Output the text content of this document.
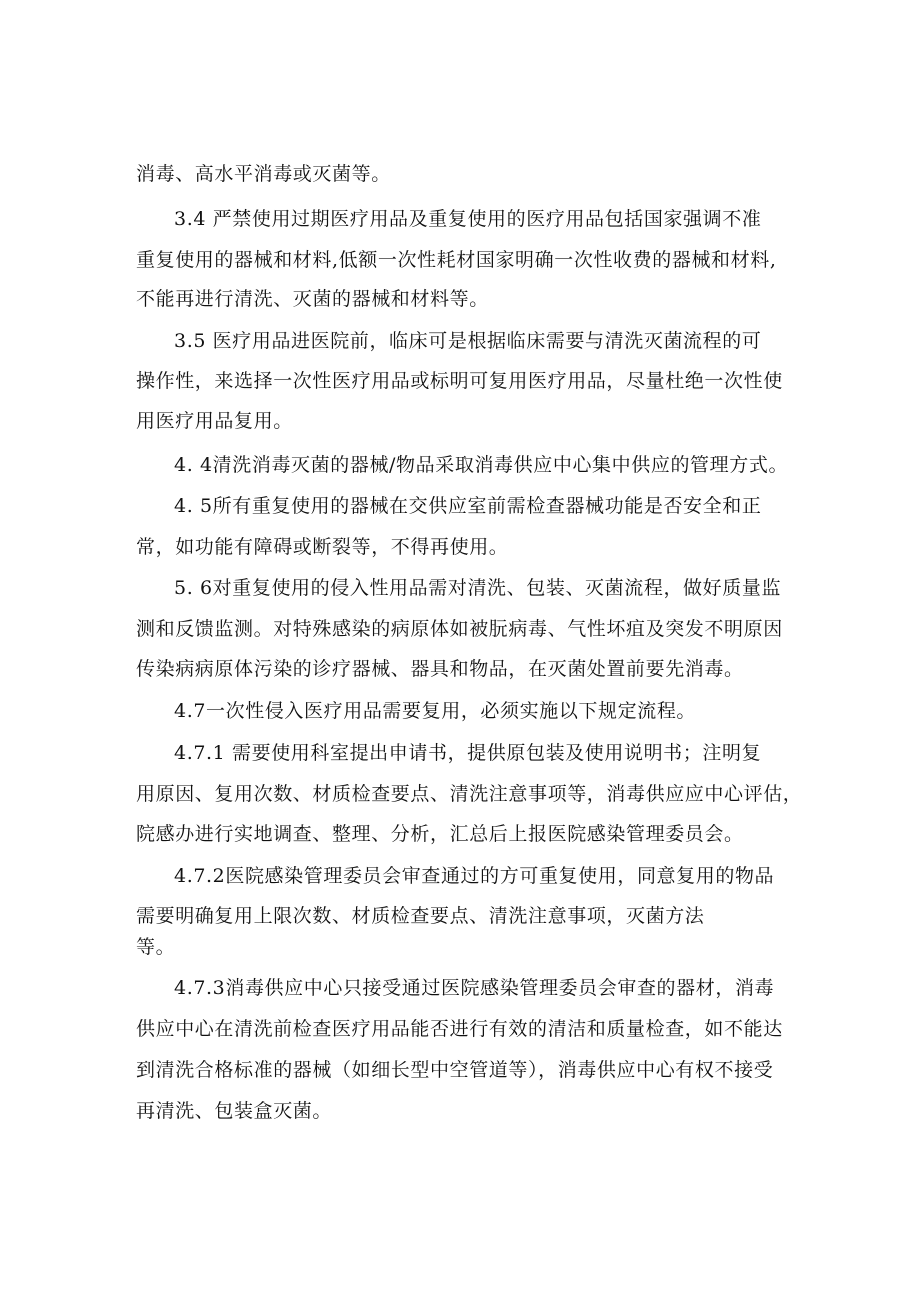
消毒、高水平消毒或灭菌等。
3.4 严禁使用过期医疗用品及重复使用的医疗用品包括国家强调不准
重复使用的器械和材料,低额一次性耗材国家明确一次性收费的器械和材料,
不能再进行清洗、灭菌的器械和材料等。
3.5 医疗用品进医院前，临床可是根据临床需要与清洗灭菌流程的可
操作性，来选择一次性医疗用品或标明可复用医疗用品，尽量杜绝一次性使
用医疗用品复用。
4. 4清洗消毒灭菌的器械/物品采取消毒供应中心集中供应的管理方式。
4. 5所有重复使用的器械在交供应室前需检查器械功能是否安全和正
常，如功能有障碍或断裂等，不得再使用。
5. 6对重复使用的侵入性用品需对清洗、包装、灭菌流程，做好质量监
测和反馈监测。对特殊感染的病原体如被朊病毒、气性坏疽及突发不明原因
传染病病原体污染的诊疗器械、器具和物品，在灭菌处置前要先消毒。
4.7一次性侵入医疗用品需要复用，必须实施以下规定流程。
4.7.1 需要使用科室提出申请书，提供原包装及使用说明书；注明复
用原因、复用次数、材质检查要点、清洗注意事项等，消毒供应应中心评估，
院感办进行实地调查、整理、分析，汇总后上报医院感染管理委员会。
4.7.2医院感染管理委员会审查通过的方可重复使用，同意复用的物品
需要明确复用上限次数、材质检查要点、清洗注意事项，灭菌方法
等。
4.7.3消毒供应中心只接受通过医院感染管理委员会审查的器材，消毒
供应中心在清洗前检查医疗用品能否进行有效的清洁和质量检查，如不能达
到清洗合格标准的器械（如细长型中空管道等），消毒供应中心有权不接受
再清洗、包装盒灭菌。
